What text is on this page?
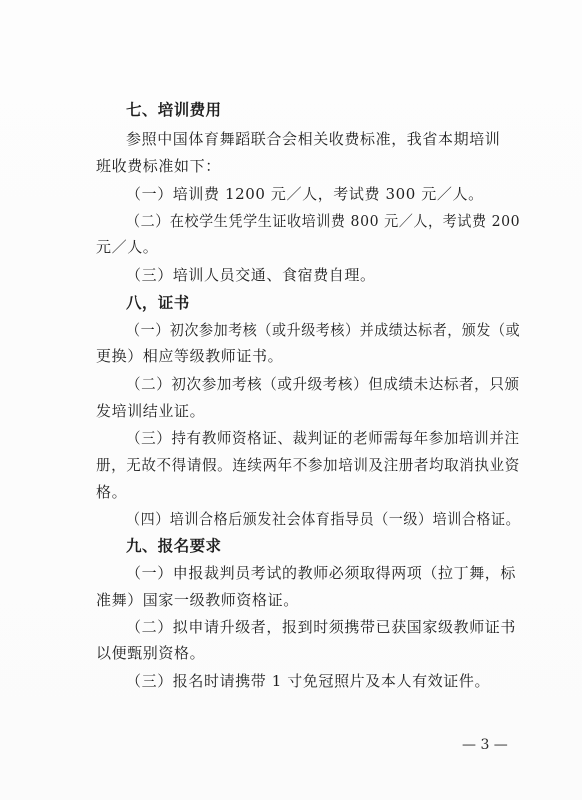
七、培训费用
参照中国体育舞蹈联合会相关收费标准，我省本期培训
班收费标准如下：
（一）培训费 1200 元／人，考试费 300 元／人。
（二）在校学生凭学生证收培训费 800 元／人，考试费 200
元／人。
（三）培训人员交通、食宿费自理。
八，证书
（一）初次参加考核（或升级考核）并成绩达标者，颁发（或
更换）相应等级教师证书。
（二）初次参加考核（或升级考核）但成绩未达标者，只颁
发培训结业证。
（三）持有教师资格证、裁判证的老师需每年参加培训并注
册，无故不得请假。连续两年不参加培训及注册者均取消执业资
格。
（四）培训合格后颁发社会体育指导员（一级）培训合格证。
九、报名要求
（一）申报裁判员考试的教师必须取得两项（拉丁舞，标
准舞）国家一级教师资格证。
（二）拟申请升级者，报到时须携带已获国家级教师证书
以便甄别资格。
（三）报名时请携带 1 寸免冠照片及本人有效证件。
— 3 —
